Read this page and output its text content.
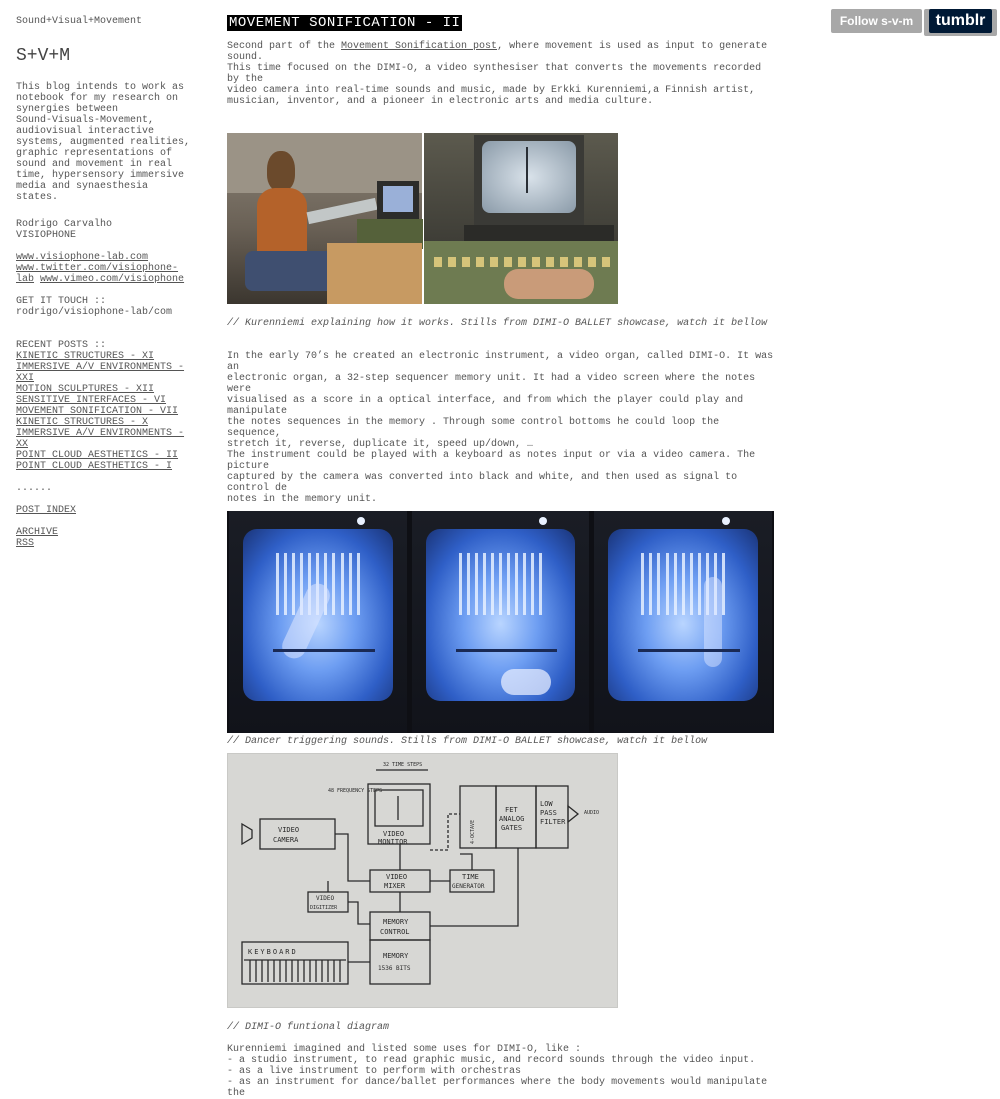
Sound+Visual+Movement
S+V+M
This blog intends to work as
notebook for my research on
synergies between
Sound-Visuals-Movement,
audiovisual interactive
systems, augmented realities,
graphic representations of
sound and movement in real
time, hypersensory immersive
media and synaesthesia
states.
Rodrigo Carvalho
VISIOPHONE
www.visiophone-lab.com
www.twitter.com/visiophone-
lab www.vimeo.com/visiophone
GET IT TOUCH ::
rodrigo/visiophone-lab/com
RECENT POSTS ::
KINETIC STRUCTURES - XI
IMMERSIVE A/V ENVIRONMENTS - XXI
MOTION SCULPTURES - XII
SENSITIVE INTERFACES - VI
MOVEMENT SONIFICATION - VII
KINETIC STRUCTURES - X
IMMERSIVE A/V ENVIRONMENTS - XX
POINT CLOUD AESTHETICS - II
POINT CLOUD AESTHETICS - I
......
POST INDEX
ARCHIVE
RSS
MOVEMENT SONIFICATION - II
Second part of the Movement Sonification post, where movement is used as input to generate sound.
This time focused on the DIMI-O, a video synthesiser that converts the movements recorded by the
video camera into real-time sounds and music, made by Erkki Kurenniemi,a Finnish artist,
musician, inventor, and a pioneer in electronic arts and media culture.
// Kurenniemi explaining how it works. Stills from DIMI-O BALLET showcase, watch it bellow
In the early 70’s he created an electronic instrument, a video organ, called DIMI-O. It was an
electronic organ, a 32-step sequencer memory unit. It had a video screen where the notes were
visualised as a score in a optical interface, and from which the player could play and manipulate
the notes sequences in the memory . Through some control bottoms he could loop the sequence,
stretch it, reverse, duplicate it, speed up/down, …
The instrument could be played with a keyboard as notes input or via a video camera. The picture
captured by the camera was converted into black and white, and then used as signal to control de
notes in the memory unit.
// Dancer triggering sounds. Stills from DIMI-O BALLET showcase, watch it bellow
32 TIME STEPS
48 FREQUENCY STEPS
VIDEO
CAMERA
VIDEO
MONITOR	4-OCTAVE
FET
ANALOG
GATES
LOW
PASS
FILTER
AUDIO
VIDEO
MIXER
TIME
GENERATOR
VIDEO
DIGITIZER
MEMORY
CONTROL
MEMORY
1536 BITS
KEYBOARD
// DIMI-O funtional diagram
Kurenniemi imagined and listed some uses for DIMI-O, like :
- a studio instrument, to read graphic music, and record sounds through the video input.
- as a live instrument to perform with orchestras
- as an instrument for dance/ballet performances where the body movements would manipulate the
Follow s-v-m	tumblr
